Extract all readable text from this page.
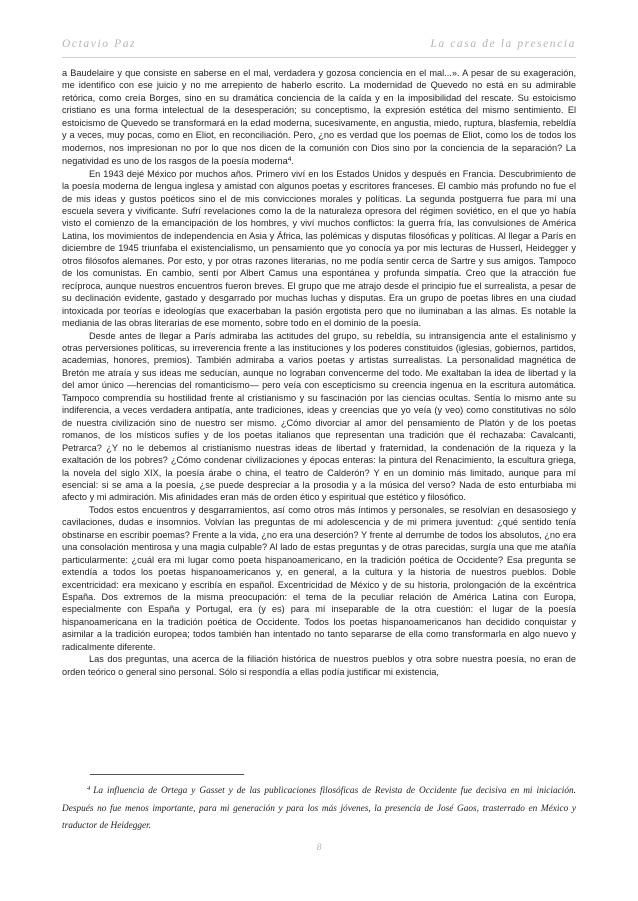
Octavio Paz	La casa de la presencia

a Baudelaire y que consiste en saberse en el mal, verdadera y gozosa conciencia en el mal...». A pesar de su exageración, me identifico con ese juicio y no me arrepiento de haberlo escrito. La modernidad de Quevedo no está en su admirable retórica, como creía Borges, sino en su dramática conciencia de la caída y en la imposibilidad del rescate. Su estoicismo cristiano es una forma intelectual de la desesperación; su conceptismo, la expresión estética del mismo sentimiento. El estoicismo de Quevedo se transformará en la edad moderna, sucesivamente, en angustia, miedo, ruptura, blasfemia, rebeldía y a veces, muy pocas, como en Eliot, en reconciliación. Pero, ¿no es verdad que los poemas de Eliot, como los de todos los modernos, nos impresionan no por lo que nos dicen de la comunión con Dios sino por la conciencia de la separación? La negatividad es uno de los rasgos de la poesía moderna$^4$.

En 1943 dejé México por muchos años. Primero viví en los Estados Unidos y después en Francia. Descubrimiento de la poesía moderna de lengua inglesa y amistad con algunos poetas y escritores franceses. El cambio más profundo no fue el de mis ideas y gustos poéticos sino el de mis convicciones morales y políticas. La segunda postguerra fue para mí una escuela severa y vivificante. Sufrí revelaciones como la de la naturaleza opresora del régimen soviético, en el que yo había visto el comienzo de la emancipación de los hombres, y viví muchos conflictos: la guerra fría, las convulsiones de América Latina, los movimientos de independencia en Asia y África, las polémicas y disputas filosóficas y políticas. Al llegar a París en diciembre de 1945 triunfaba el existencialismo, un pensamiento que yo conocía ya por mis lecturas de Husserl, Heidegger y otros filósofos alemanes. Por esto, y por otras razones literarias, no me podía sentir cerca de Sartre y sus amigos. Tampoco de los comunistas. En cambio, sentí por Albert Camus una espontánea y profunda simpatía. Creo que la atracción fue recíproca, aunque nuestros encuentros fueron breves. El grupo que me atrajo desde el principio fue el surrealista, a pesar de su declinación evidente, gastado y desgarrado por muchas luchas y disputas. Era un grupo de poetas libres en una ciudad intoxicada por teorías e ideologías que exacerbaban la pasión ergotista pero que no iluminaban a las almas. Es notable la mediania de las obras literarias de ese momento, sobre todo en el dominio de la poesía.

Desde antes de llegar a París admiraba las actitudes del grupo, su rebeldía, su intransigencia ante el estalinismo y otras perversiones políticas, su irreverencia frente a las instituciones y los poderes constituidos (iglesias, gobiernos, partidos, academias, honores, premios). También admiraba a varios poetas y artistas surrealistas. La personalidad magnética de Bretón me atraía y sus ideas me seducían, aunque no lograban convencerme del todo. Me exaltaban la idea de libertad y la del amor único —herencias del romanticismo— pero veía con escepticismo su creencia ingenua en la escritura automática. Tampoco comprendía su hostilidad frente al cristianismo y su fascinación por las ciencias ocultas. Sentía lo mismo ante su indiferencia, a veces verdadera antipatía, ante tradiciones, ideas y creencias que yo veía (y veo) como constitutivas no sólo de nuestra civilización sino de nuestro ser mismo. ¿Cómo divorciar al amor del pensamiento de Platón y de los poetas romanos, de los místicos sufíes y de los poetas italianos que representan una tradición que él rechazaba: Cavalcanti, Petrarca? ¿Y no le debemos al cristianismo nuestras ideas de libertad y fraternidad, la condenación de la riqueza y la exaltación de los pobres? ¿Cómo condenar civilizaciones y épocas enteras: la pintura del Renacimiento, la escultura griega, la novela del siglo XIX, la poesía árabe o china, el teatro de Calderón? Y en un dominio más limitado, aunque para mí esencial: si se ama a la poesía, ¿se puede despreciar a la prosodia y a la música del verso? Nada de esto enturbiaba mi afecto y mi admiración. Mis afinidades eran más de orden ético y espiritual que estético y filosófico.

Todos estos encuentros y desgarramientos, así como otros más íntimos y personales, se resolvían en desasosiego y cavilaciones, dudas e insomnios. Volvían las preguntas de mi adolescencia y de mi primera juventud: ¿qué sentido tenía obstinarse en escribir poemas? Frente a la vida, ¿no era una deserción? Y frente al derrumbe de todos los absolutos, ¿no era una consolación mentirosa y una magia culpable? Al lado de estas preguntas y de otras parecidas, surgía una que me atañía particularmente: ¿cuál era mi lugar como poeta hispanoamericano, en la tradición poética de Occidente? Esa pregunta se extendía a todos los poetas hispanoamericanos y, en general, a la cultura y la historia de nuestros pueblos. Doble excentricidad: era mexicano y escribía en español. Excentricidad de México y de su historia, prolongación de la excéntrica España. Dos extremos de la misma preocupación: el tema de la peculiar relación de América Latina con Europa, especialmente con España y Portugal, era (y es) para mí inseparable de la otra cuestión: el lugar de la poesía hispanoamericana en la tradición poética de Occidente. Todos los poetas hispanoamericanos han decidido conquistar y asimilar a la tradición europea; todos también han intentado no tanto separarse de ella como transformarla en algo nuevo y radicalmente diferente.

Las dos preguntas, una acerca de la filiación histórica de nuestros pueblos y otra sobre nuestra poesía, no eran de orden teórico o general sino personal. Sólo si respondía a ellas podía justificar mi existencia,

$^4$ La influencia de Ortega y Gasset y de las publicaciones filosóficas de Revista de Occidente fue decisiva en mi iniciación. Después no fue menos importante, para mi generación y para los más jóvenes, la presencia de José Gaos, trasterrado en México y traductor de Heidegger.
8
